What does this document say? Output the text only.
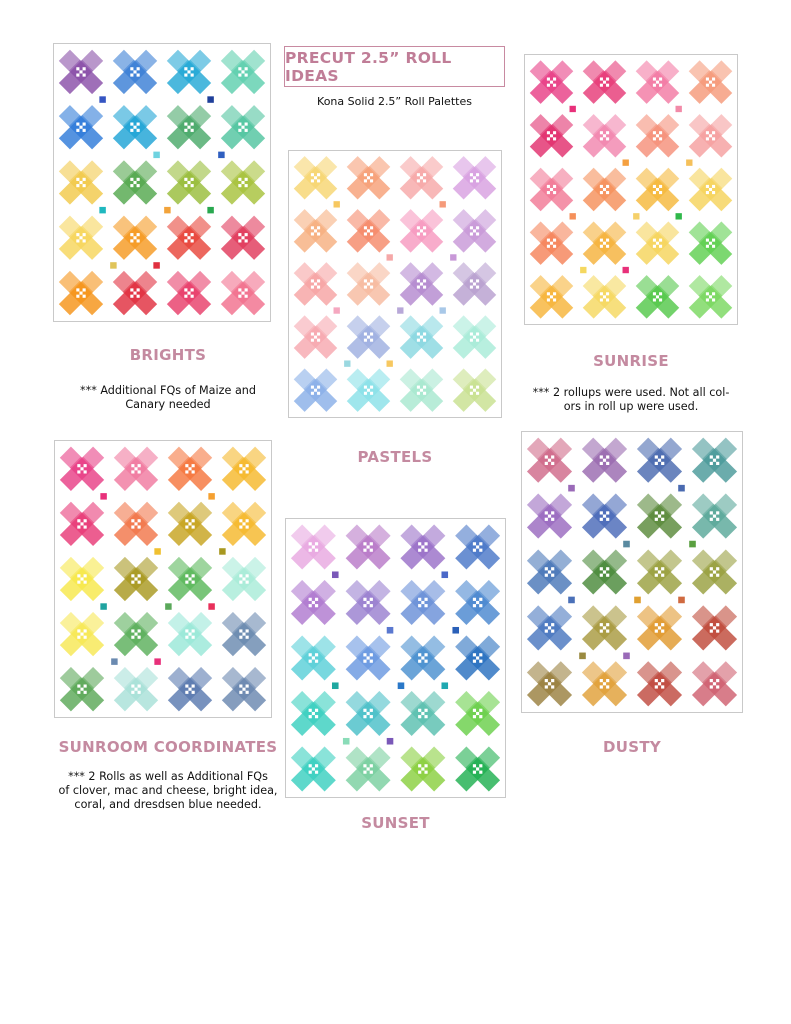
PRECUT 2.5” ROLL IDEAS
Kona Solid 2.5” Roll Palettes
BRIGHTS
*** Additional FQs of Maize and
Canary needed
SUNRISE
*** 2 rollups were used. Not all col-
ors in roll up were used.
PASTELS
SUNROOM COORDINATES
*** 2 Rolls as well as Additional FQs
of clover, mac and cheese, bright idea,
coral, and dresdsen blue needed.
SUNSET
DUSTY
